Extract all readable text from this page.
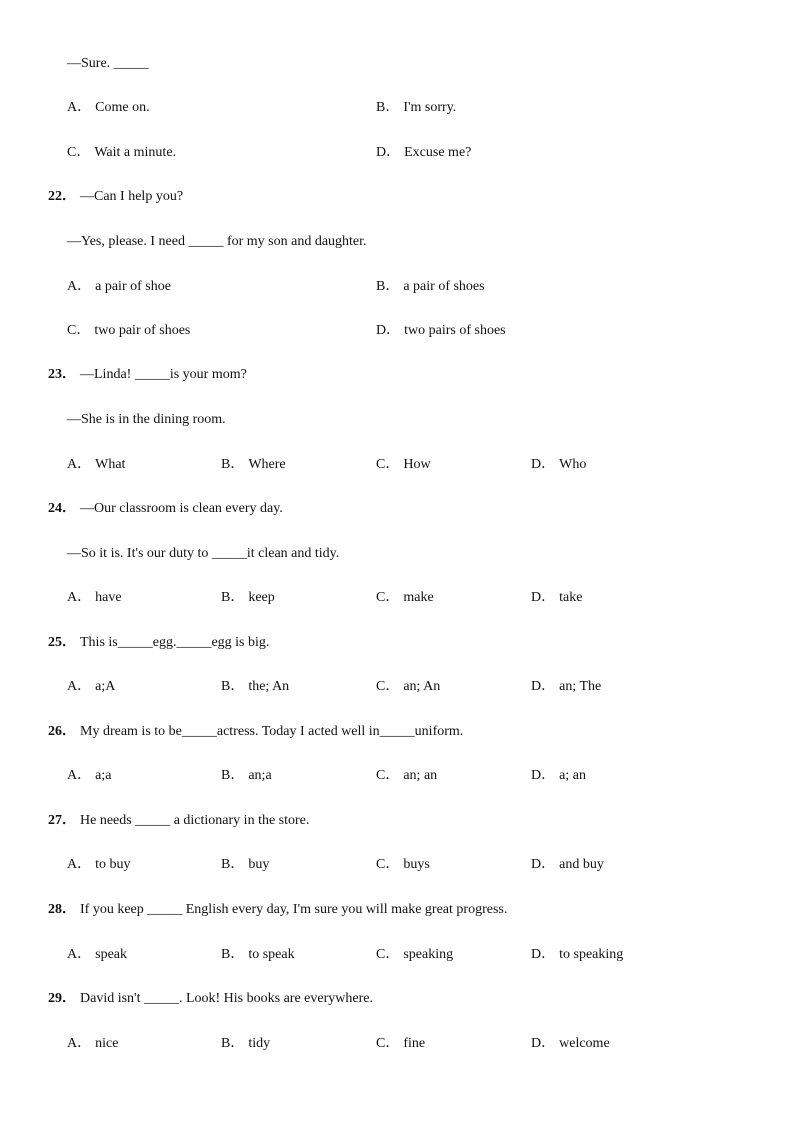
—Sure. _____
A． Come on.	B． I'm sorry.
C． Wait a minute.	D． Excuse me?
22． —Can I help you?
—Yes, please. I need _____ for my son and daughter.
A． a pair of shoe	B． a pair of shoes
C． two pair of shoes	D． two pairs of shoes
23． —Linda! _____is your mom?
—She is in the dining room.
A． What	B． Where	C． How	D． Who
24． —Our classroom is clean every day.
—So it is. It's our duty to _____it clean and tidy.
A． have	B． keep	C． make	D． take
25． This is_____egg._____egg is big.
A． a;A	B． the; An	C． an; An	D． an; The
26． My dream is to be_____actress. Today I acted well in_____uniform.
A． a;a	B． an;a	C． an; an	D． a; an
27． He needs _____ a dictionary in the store.
A． to buy	B． buy	C． buys	D． and buy
28． If you keep _____ English every day, I'm sure you will make great progress.
A． speak	B． to speak	C． speaking	D． to speaking
29． David isn't _____. Look! His books are everywhere.
A． nice	B． tidy	C． fine	D． welcome
